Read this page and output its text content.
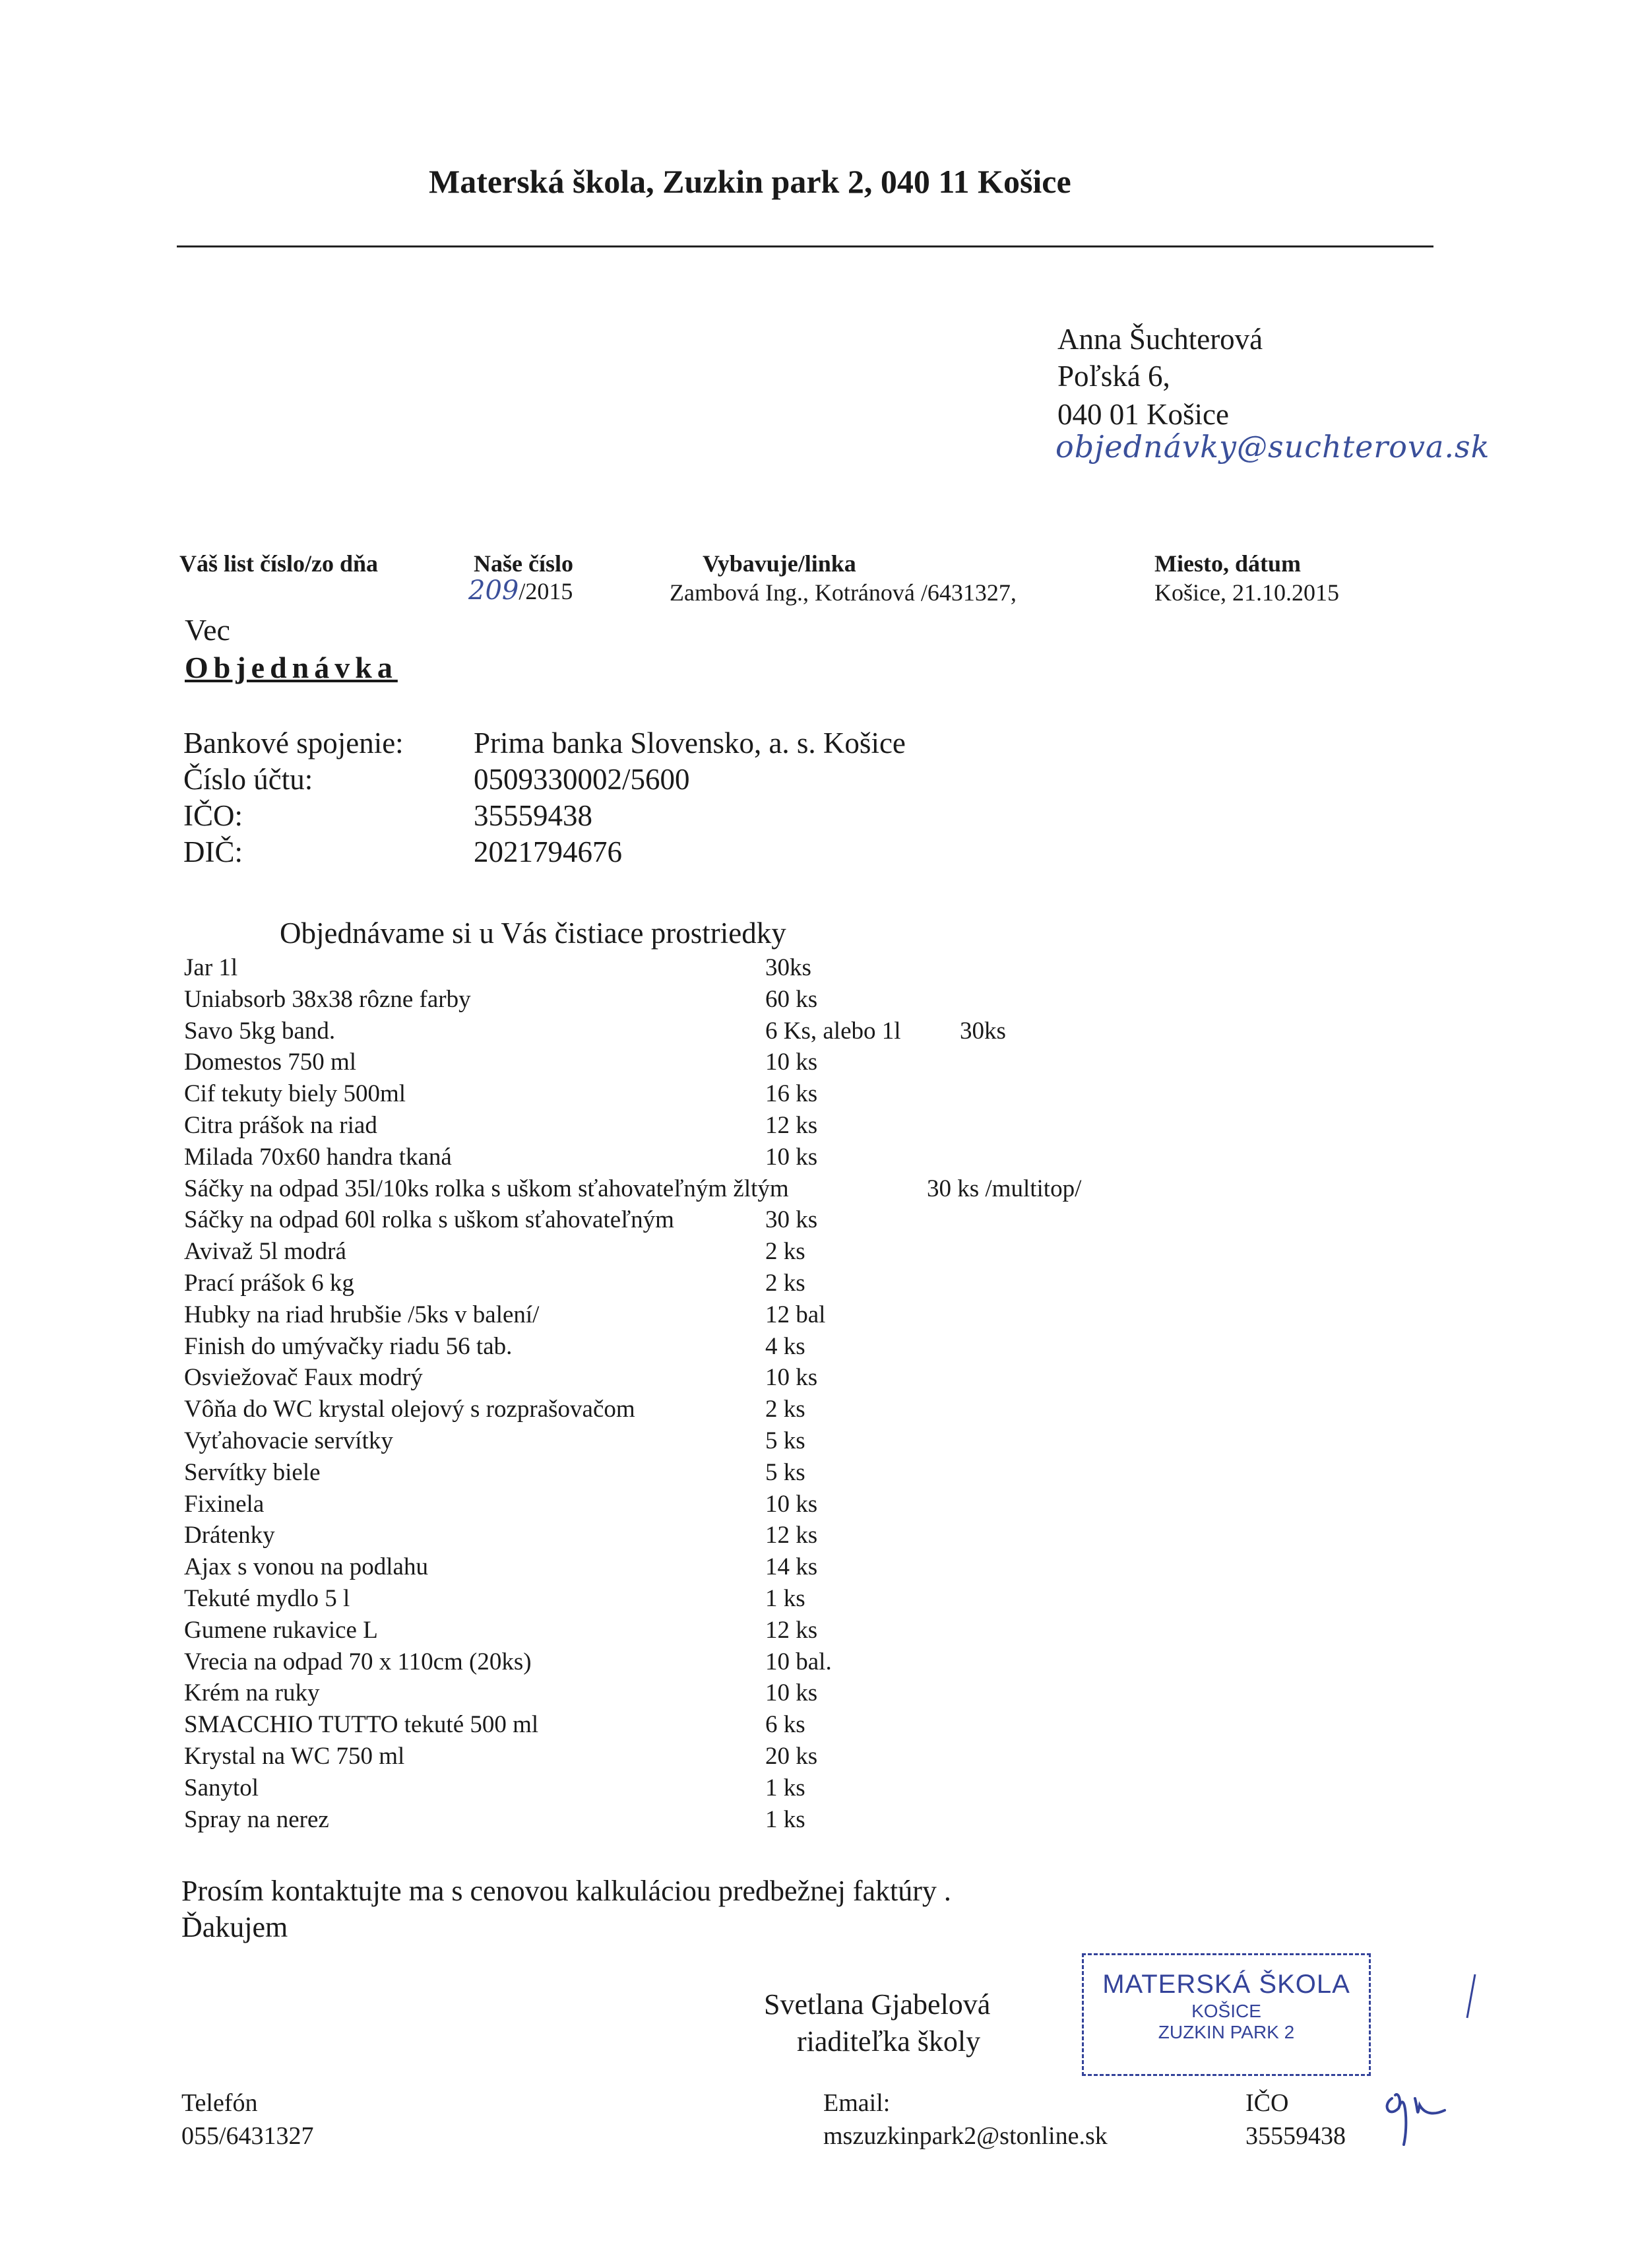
Materská škola, Zuzkin park 2, 040 11 Košice
Anna Šuchterová
Poľská 6,
040 01 Košice
objednávky@suchterova.sk
Váš list číslo/zo dňa	Naše číslo
209/2015
Vybavuje/linka
Zambová Ing., Kotránová /6431327,
Miesto, dátum
Košice, 21.10.2015
Vec
Objednávka
Bankové spojenie: Prima banka Slovensko, a. s. Košice
Číslo účtu:	0509330002/5600
IČO:	35559438
DIČ:	2021794676
Objednávame si u Vás čistiace prostriedky
Jar 1l	30ks
Uniabsorb 38x38 rôzne farby	60 ks
Savo 5kg band.	6 Ks, alebo 1l 30ks
Domestos 750 ml	10 ks
Cif tekuty biely 500ml	16 ks
Citra prášok na riad	12 ks
Milada 70x60 handra tkaná	10 ks
Sáčky na odpad 35l/10ks rolka s uškom sťahovateľným žltým	30 ks /multitop/
Sáčky na odpad 60l rolka s uškom sťahovateľným	30 ks
Avivaž 5l modrá	2 ks
Prací prášok 6 kg	2 ks
Hubky na riad hrubšie /5ks v balení/	12 bal
Finish do umývačky riadu 56 tab.	4 ks
Osviežovač Faux modrý	10 ks
Vôňa do WC krystal olejový s rozprašovačom	2 ks
Vyťahovacie servítky	5 ks
Servítky biele	5 ks
Fixinela	10 ks
Drátenky	12 ks
Ajax s vonou na podlahu	14 ks
Tekuté mydlo 5 l	1 ks
Gumene rukavice L	12 ks
Vrecia na odpad 70 x 110cm (20ks)	10 bal.
Krém na ruky	10 ks
SMACCHIO TUTTO tekuté 500 ml	6 ks
Krystal na WC 750 ml	20 ks
Sanytol	1 ks
Spray na nerez	1 ks
Prosím kontaktujte ma s cenovou kalkuláciou predbežnej faktúry .
Ďakujem
Svetlana Gjabelová
riaditeľka školy
MATERSKÁ ŠKOLA
KOŠICE
ZUZKIN PARK 2
Telefón
055/6431327
Email:
mszuzkinpark2@stonline.sk
IČO
35559438
